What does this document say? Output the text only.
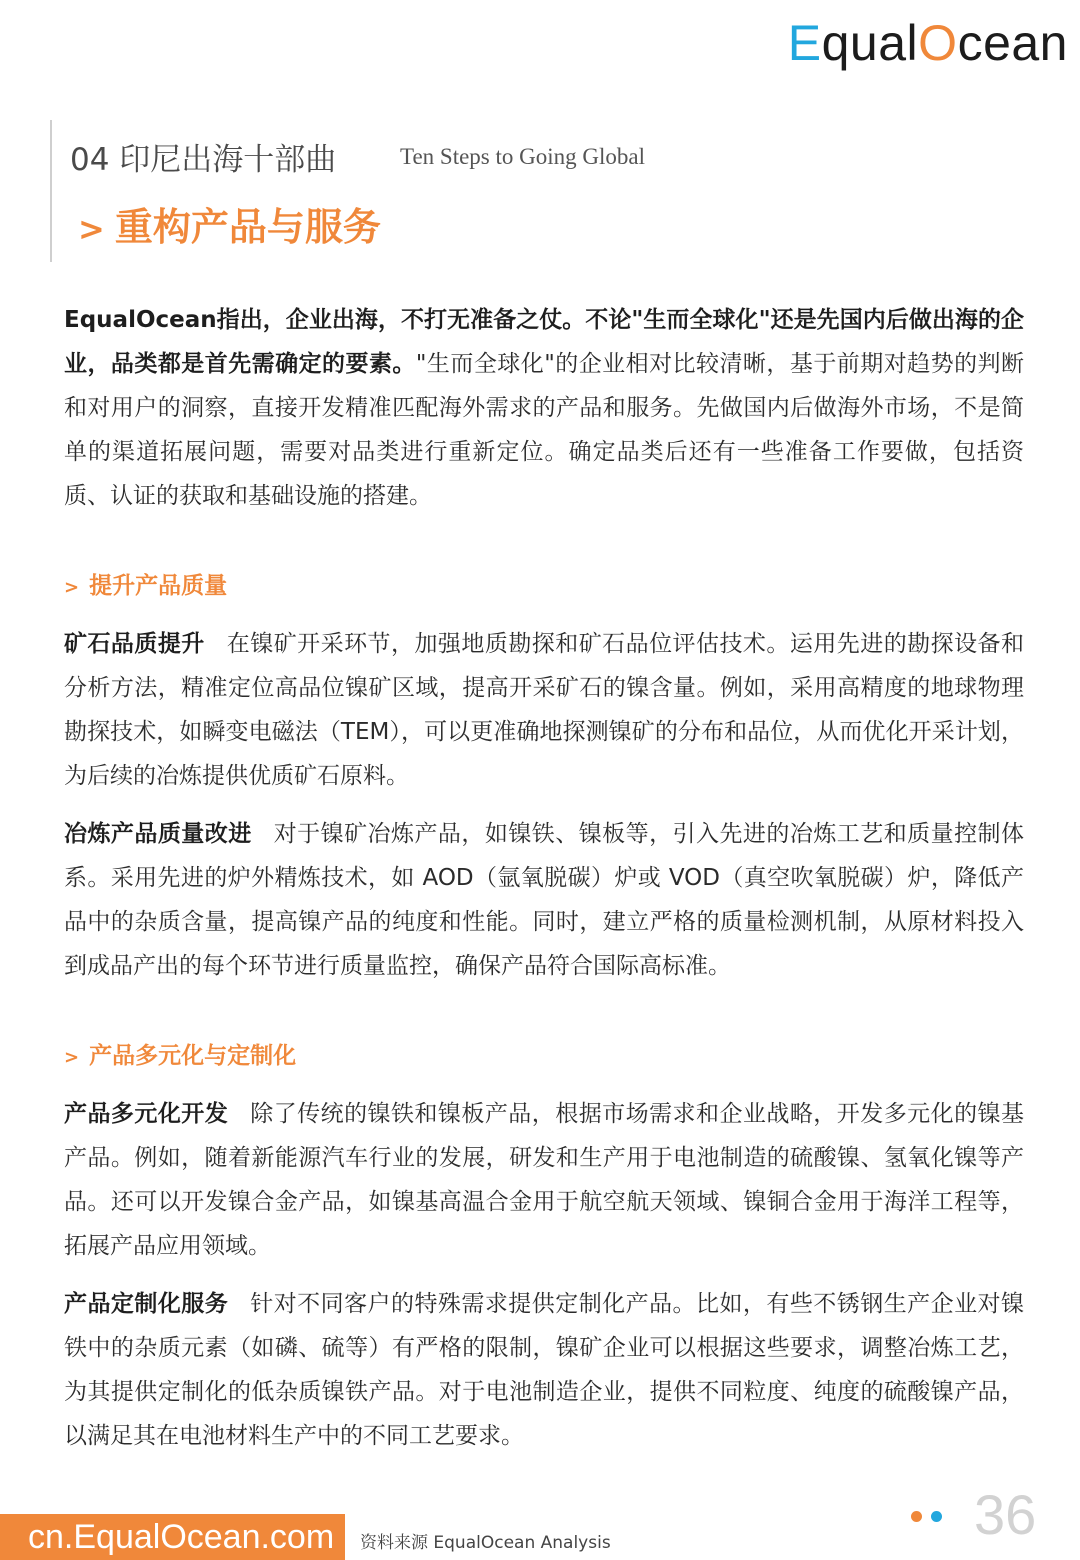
EqualOcean
04 印尼出海十部曲	Ten Steps to Going Global
> 重构产品与服务

EqualOcean指出，企业出海，不打无准备之仗。不论"生而全球化"还是先国内后做出海的企业，品类都是首先需确定的要素。"生而全球化"的企业相对比较清晰，基于前期对趋势的判断和对用户的洞察，直接开发精准匹配海外需求的产品和服务。先做国内后做海外市场，不是简单的渠道拓展问题，需要对品类进行重新定位。确定品类后还有一些准备工作要做，包括资质、认证的获取和基础设施的搭建。

> 提升产品质量

矿石品质提升 在镍矿开采环节，加强地质勘探和矿石品位评估技术。运用先进的勘探设备和分析方法，精准定位高品位镍矿区域，提高开采矿石的镍含量。例如，采用高精度的地球物理勘探技术，如瞬变电磁法（TEM），可以更准确地探测镍矿的分布和品位，从而优化开采计划，为后续的冶炼提供优质矿石原料。

冶炼产品质量改进 对于镍矿冶炼产品，如镍铁、镍板等，引入先进的冶炼工艺和质量控制体系。采用先进的炉外精炼技术，如 AOD（氩氧脱碳）炉或 VOD（真空吹氧脱碳）炉，降低产品中的杂质含量，提高镍产品的纯度和性能。同时，建立严格的质量检测机制，从原材料投入到成品产出的每个环节进行质量监控，确保产品符合国际高标准。

> 产品多元化与定制化

产品多元化开发 除了传统的镍铁和镍板产品，根据市场需求和企业战略，开发多元化的镍基产品。例如，随着新能源汽车行业的发展，研发和生产用于电池制造的硫酸镍、氢氧化镍等产品。还可以开发镍合金产品，如镍基高温合金用于航空航天领域、镍铜合金用于海洋工程等，拓展产品应用领域。

产品定制化服务 针对不同客户的特殊需求提供定制化产品。比如，有些不锈钢生产企业对镍铁中的杂质元素（如磷、硫等）有严格的限制，镍矿企业可以根据这些要求，调整冶炼工艺，为其提供定制化的低杂质镍铁产品。对于电池制造企业，提供不同粒度、纯度的硫酸镍产品，以满足其在电池材料生产中的不同工艺要求。

cn.EqualOcean.com	资料来源 EqualOcean Analysis	36
